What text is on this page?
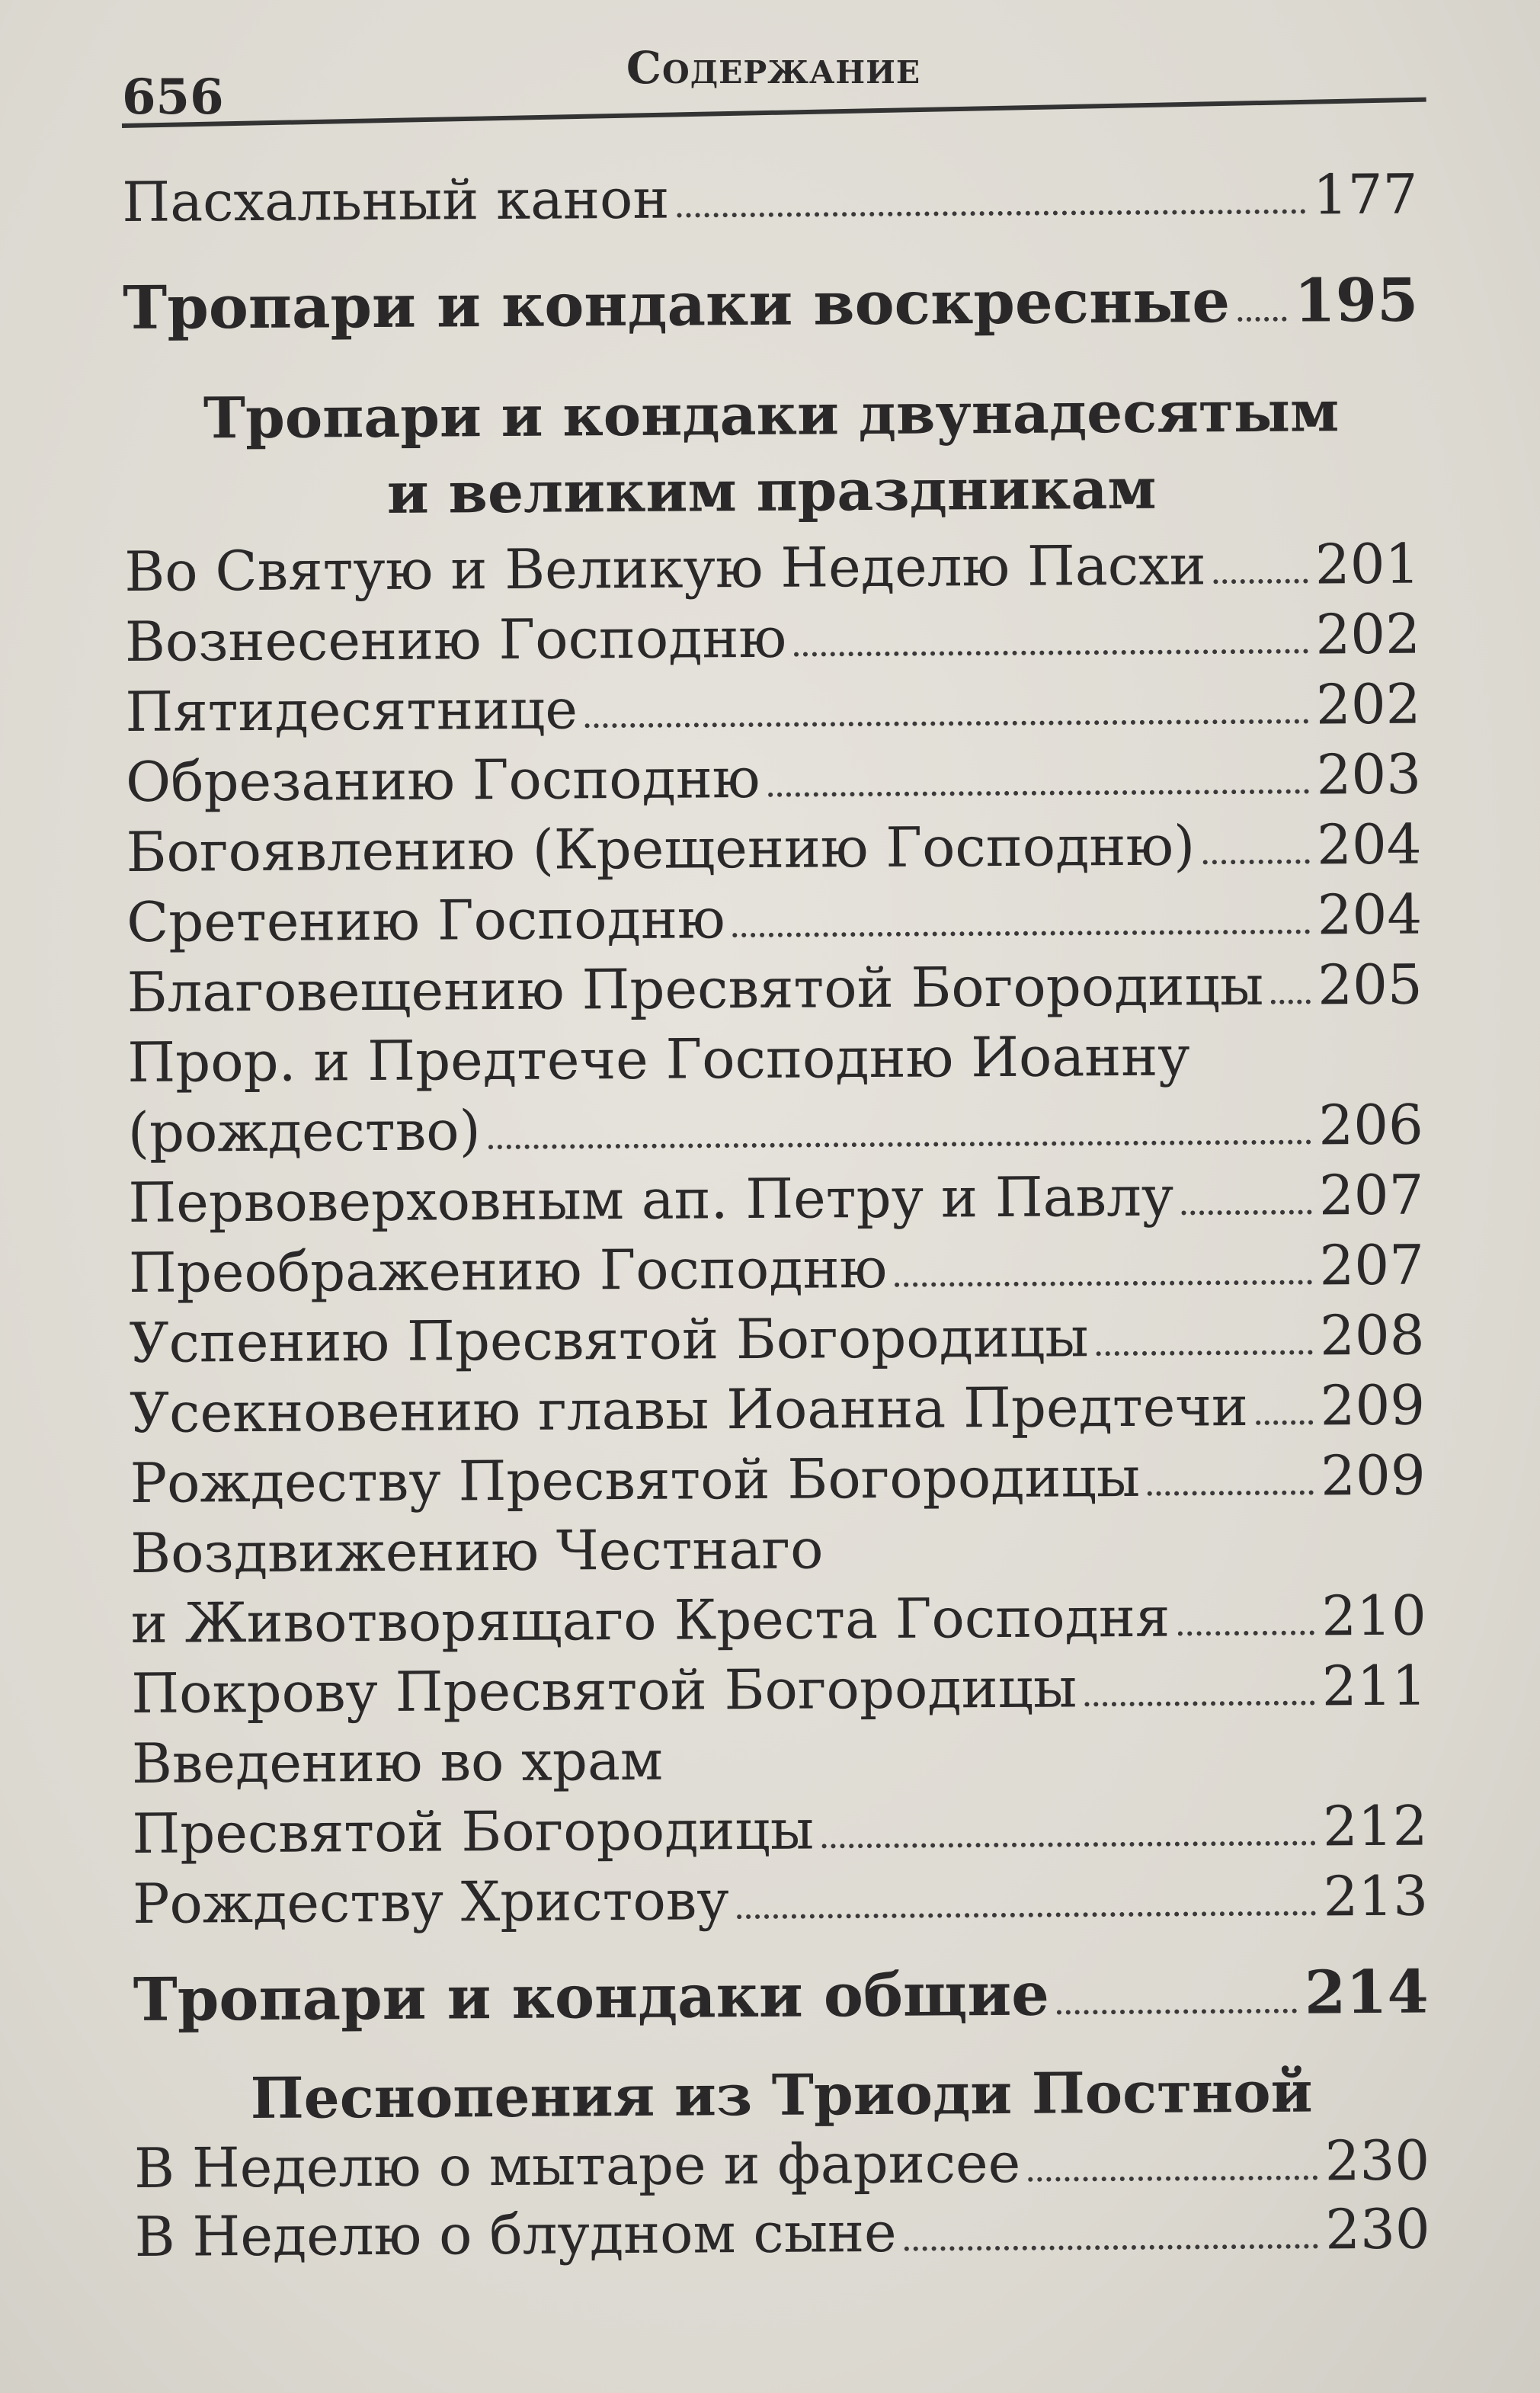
656
Содержание
Пасхальный канон	177
Тропари и кондаки воскресные 195
Тропари и кондаки двунадесятым
и великим праздникам
Во Святую и Великую Неделю Пасхи 201
Вознесению Господню	202
Пятидесятнице	202
Обрезанию Господню	203
Богоявлению (Крещению Господню) 204
Сретению Господню	204
Благовещению Пресвятой Богородицы 205
Прор. и Предтече Господню Иоанну
(рождество)	206
Первоверховным ап. Петру и Павлу	207
Преображению Господню	207
Успению Пресвятой Богородицы	208
Усекновению главы Иоанна Предтечи 209
Рождеству Пресвятой Богородицы	209
Воздвижению Честнаго
и Животворящаго Креста Господня	210
Покрову Пресвятой Богородицы	211
Введению во храм
Пресвятой Богородицы	212
Рождеству Христову	213
Тропари и кондаки общие	214
Песнопения из Триоди Постной
В Неделю о мытаре и фарисее	230
В Неделю о блудном сыне	230
